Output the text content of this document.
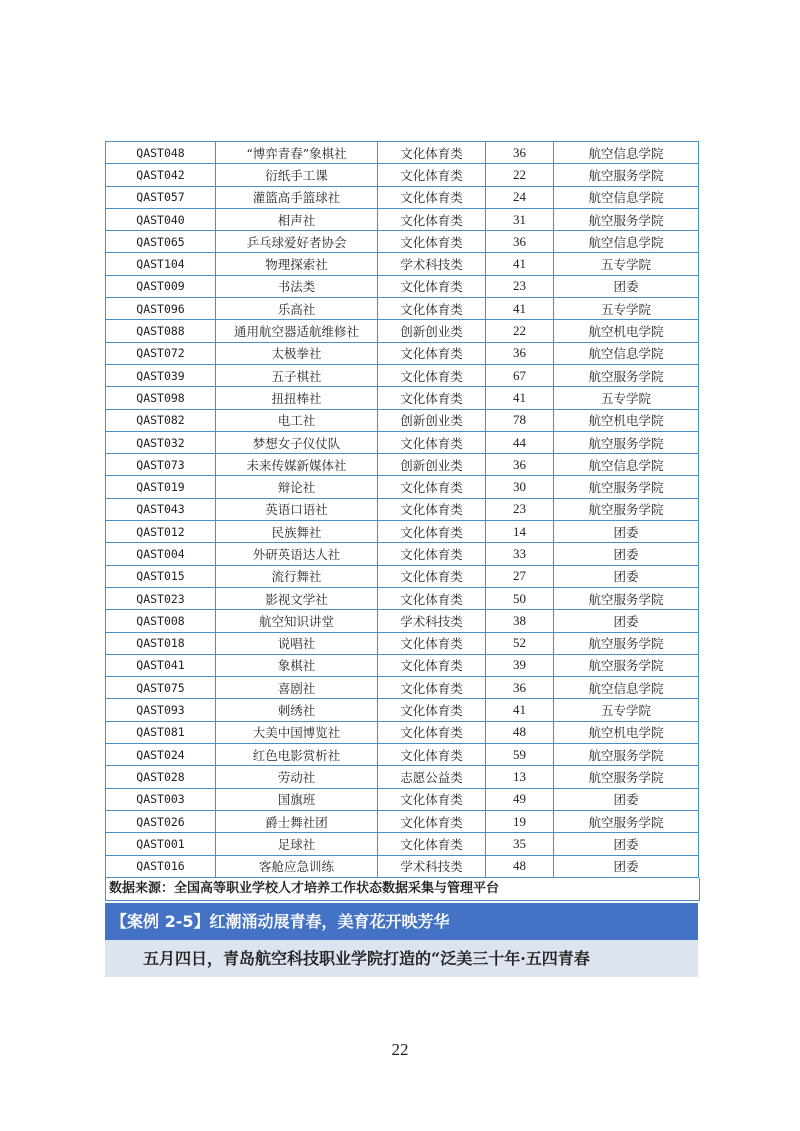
QAST048	“博弈青春”象棋社	文化体育类	36	航空信息学院
QAST042	衍纸手工课	文化体育类	22	航空服务学院
QAST057	灌篮高手篮球社	文化体育类	24	航空信息学院
QAST040	相声社	文化体育类	31	航空服务学院
QAST065	乒乓球爱好者协会	文化体育类	36	航空信息学院
QAST104	物理探索社	学术科技类	41	五专学院
QAST009	书法类	文化体育类	23	团委
QAST096	乐高社	文化体育类	41	五专学院
QAST088	通用航空器适航维修社	创新创业类	22	航空机电学院
QAST072	太极拳社	文化体育类	36	航空信息学院
QAST039	五子棋社	文化体育类	67	航空服务学院
QAST098	扭扭棒社	文化体育类	41	五专学院
QAST082	电工社	创新创业类	78	航空机电学院
QAST032	梦想女子仪仗队	文化体育类	44	航空服务学院
QAST073	未来传媒新媒体社	创新创业类	36	航空信息学院
QAST019	辩论社	文化体育类	30	航空服务学院
QAST043	英语口语社	文化体育类	23	航空服务学院
QAST012	民族舞社	文化体育类	14	团委
QAST004	外研英语达人社	文化体育类	33	团委
QAST015	流行舞社	文化体育类	27	团委
QAST023	影视文学社	文化体育类	50	航空服务学院
QAST008	航空知识讲堂	学术科技类	38	团委
QAST018	说唱社	文化体育类	52	航空服务学院
QAST041	象棋社	文化体育类	39	航空服务学院
QAST075	喜剧社	文化体育类	36	航空信息学院
QAST093	刺绣社	文化体育类	41	五专学院
QAST081	大美中国博览社	文化体育类	48	航空机电学院
QAST024	红色电影赏析社	文化体育类	59	航空服务学院
QAST028	劳动社	志愿公益类	13	航空服务学院
QAST003	国旗班	文化体育类	49	团委
QAST026	爵士舞社团	文化体育类	19	航空服务学院
QAST001	足球社	文化体育类	35	团委
QAST016	客舱应急训练	学术科技类	48	团委
数据来源：全国高等职业学校人才培养工作状态数据采集与管理平台
【案例 2-5】红潮涌动展青春，美育花开映芳华
五月四日，青岛航空科技职业学院打造的“泛美三十年·五四青春
22
